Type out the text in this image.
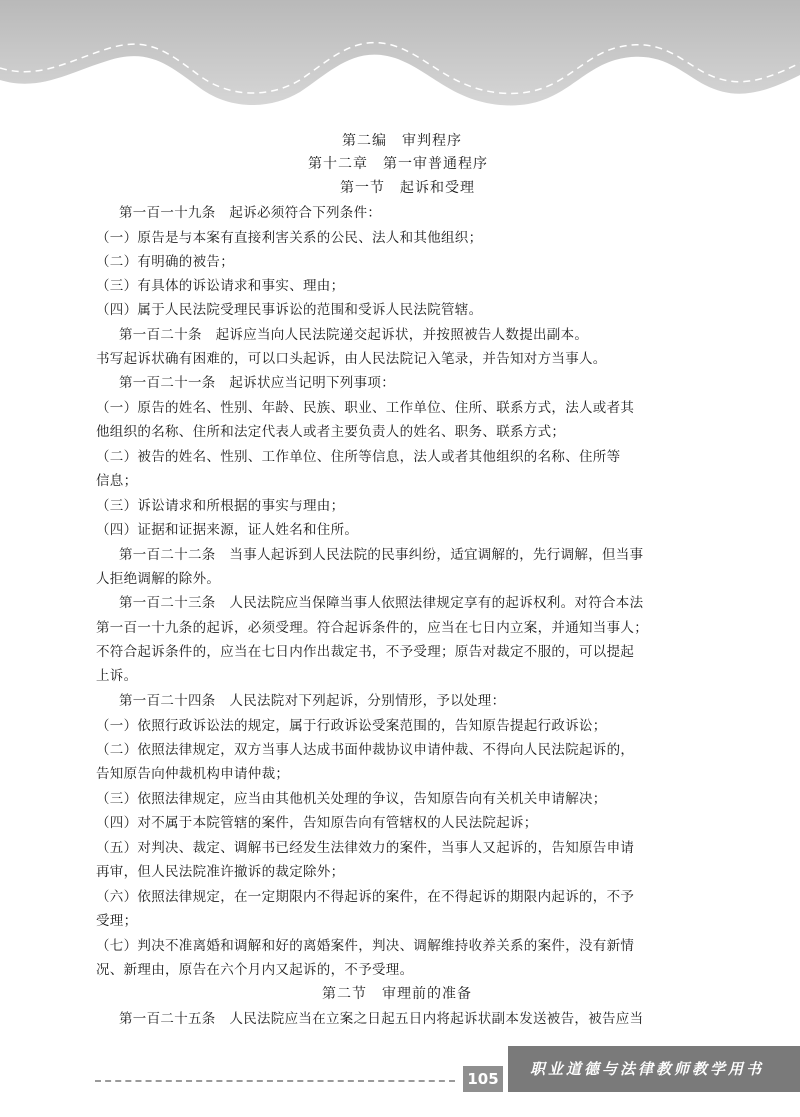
第二编　审判程序
第十二章　第一审普通程序
第一节　起诉和受理
第一百一十九条　起诉必须符合下列条件：
（一）原告是与本案有直接利害关系的公民、法人和其他组织；
（二）有明确的被告；
（三）有具体的诉讼请求和事实、理由；
（四）属于人民法院受理民事诉讼的范围和受诉人民法院管辖。
第一百二十条　起诉应当向人民法院递交起诉状，并按照被告人数提出副本。
书写起诉状确有困难的，可以口头起诉，由人民法院记入笔录，并告知对方当事人。
第一百二十一条　起诉状应当记明下列事项：
（一）原告的姓名、性别、年龄、民族、职业、工作单位、住所、联系方式，法人或者其
他组织的名称、住所和法定代表人或者主要负责人的姓名、职务、联系方式；
（二）被告的姓名、性别、工作单位、住所等信息，法人或者其他组织的名称、住所等
信息；
（三）诉讼请求和所根据的事实与理由；
（四）证据和证据来源，证人姓名和住所。
第一百二十二条　当事人起诉到人民法院的民事纠纷，适宜调解的，先行调解，但当事
人拒绝调解的除外。
第一百二十三条　人民法院应当保障当事人依照法律规定享有的起诉权利。对符合本法
第一百一十九条的起诉，必须受理。符合起诉条件的，应当在七日内立案，并通知当事人；
不符合起诉条件的，应当在七日内作出裁定书，不予受理；原告对裁定不服的，可以提起
上诉。
第一百二十四条　人民法院对下列起诉，分别情形，予以处理：
（一）依照行政诉讼法的规定，属于行政诉讼受案范围的，告知原告提起行政诉讼；
（二）依照法律规定，双方当事人达成书面仲裁协议申请仲裁、不得向人民法院起诉的，
告知原告向仲裁机构申请仲裁；
（三）依照法律规定，应当由其他机关处理的争议，告知原告向有关机关申请解决；
（四）对不属于本院管辖的案件，告知原告向有管辖权的人民法院起诉；
（五）对判决、裁定、调解书已经发生法律效力的案件，当事人又起诉的，告知原告申请
再审，但人民法院准许撤诉的裁定除外；
（六）依照法律规定，在一定期限内不得起诉的案件，在不得起诉的期限内起诉的，不予
受理；
（七）判决不准离婚和调解和好的离婚案件，判决、调解维持收养关系的案件，没有新情
况、新理由，原告在六个月内又起诉的，不予受理。
第二节　审理前的准备
第一百二十五条　人民法院应当在立案之日起五日内将起诉状副本发送被告，被告应当
105
职业道德与法律教师教学用书
